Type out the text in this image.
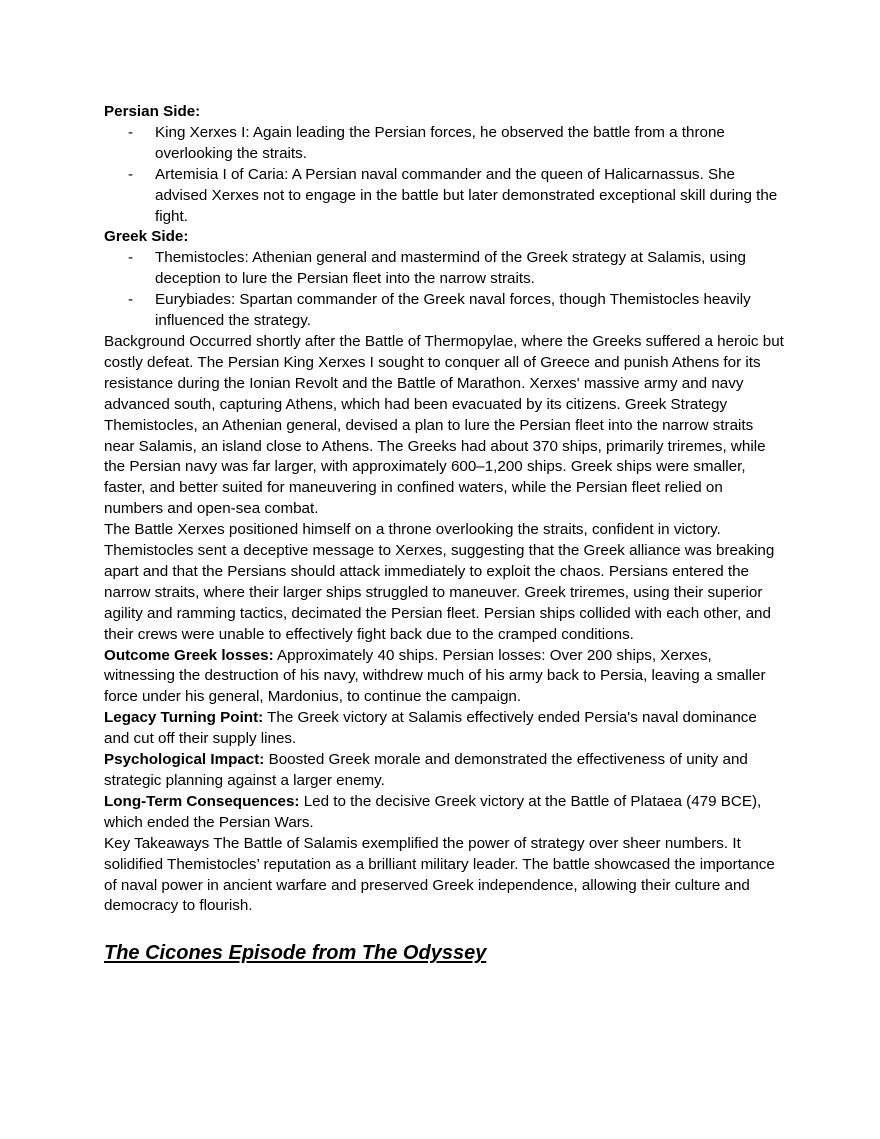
Persian Side:
- King Xerxes I: Again leading the Persian forces, he observed the battle from a throne overlooking the straits.
- Artemisia I of Caria: A Persian naval commander and the queen of Halicarnassus. She advised Xerxes not to engage in the battle but later demonstrated exceptional skill during the fight.
Greek Side:
- Themistocles: Athenian general and mastermind of the Greek strategy at Salamis, using deception to lure the Persian fleet into the narrow straits.
- Eurybiades: Spartan commander of the Greek naval forces, though Themistocles heavily influenced the strategy.

Background Occurred shortly after the Battle of Thermopylae, where the Greeks suffered a heroic but costly defeat. The Persian King Xerxes I sought to conquer all of Greece and punish Athens for its resistance during the Ionian Revolt and the Battle of Marathon. Xerxes' massive army and navy advanced south, capturing Athens, which had been evacuated by its citizens. Greek Strategy Themistocles, an Athenian general, devised a plan to lure the Persian fleet into the narrow straits near Salamis, an island close to Athens. The Greeks had about 370 ships, primarily triremes, while the Persian navy was far larger, with approximately 600–1,200 ships. Greek ships were smaller, faster, and better suited for maneuvering in confined waters, while the Persian fleet relied on numbers and open-sea combat.

The Battle Xerxes positioned himself on a throne overlooking the straits, confident in victory. Themistocles sent a deceptive message to Xerxes, suggesting that the Greek alliance was breaking apart and that the Persians should attack immediately to exploit the chaos. Persians entered the narrow straits, where their larger ships struggled to maneuver. Greek triremes, using their superior agility and ramming tactics, decimated the Persian fleet. Persian ships collided with each other, and their crews were unable to effectively fight back due to the cramped conditions.

Outcome Greek losses: Approximately 40 ships. Persian losses: Over 200 ships, Xerxes, witnessing the destruction of his navy, withdrew much of his army back to Persia, leaving a smaller force under his general, Mardonius, to continue the campaign.

Legacy Turning Point: The Greek victory at Salamis effectively ended Persia's naval dominance and cut off their supply lines.

Psychological Impact: Boosted Greek morale and demonstrated the effectiveness of unity and strategic planning against a larger enemy.

Long-Term Consequences: Led to the decisive Greek victory at the Battle of Plataea (479 BCE), which ended the Persian Wars.

Key Takeaways The Battle of Salamis exemplified the power of strategy over sheer numbers. It solidified Themistocles’ reputation as a brilliant military leader. The battle showcased the importance of naval power in ancient warfare and preserved Greek independence, allowing their culture and democracy to flourish.

The Cicones Episode from The Odyssey
